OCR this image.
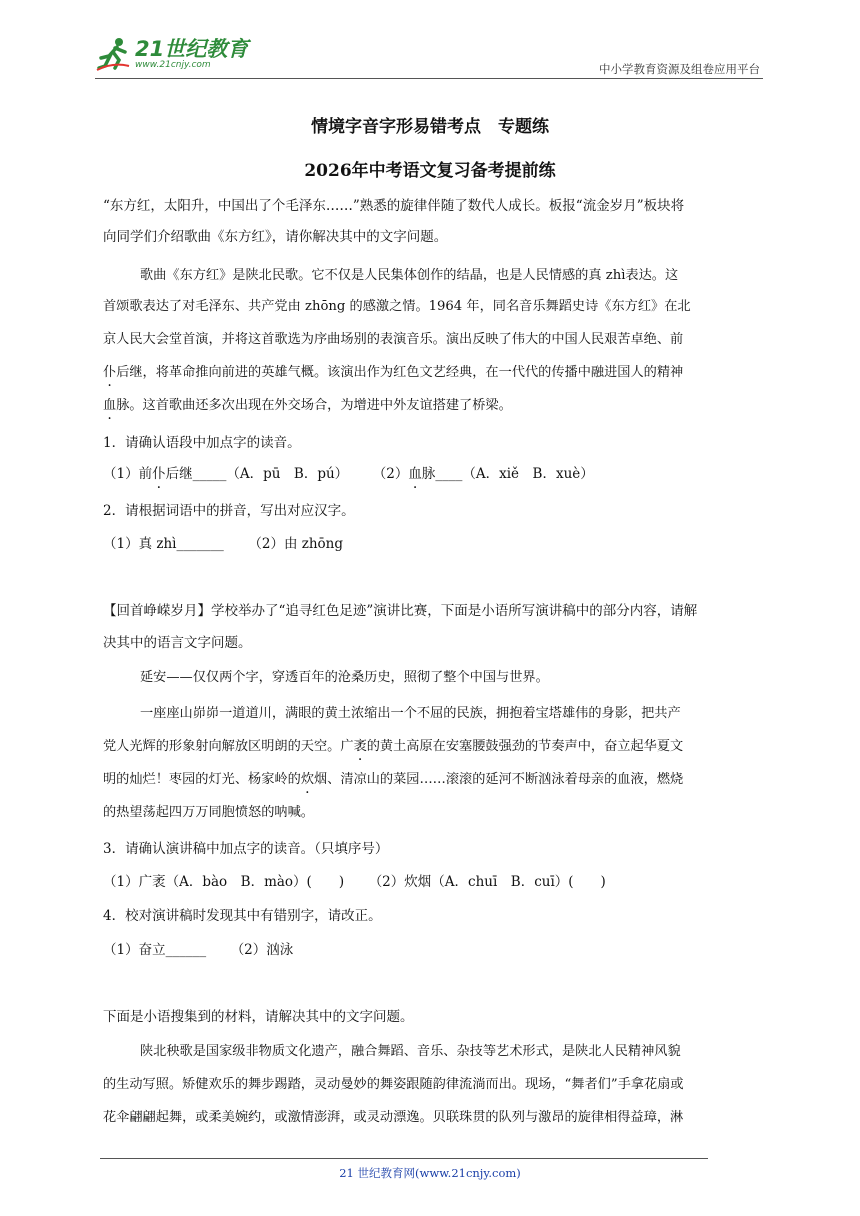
21世纪教育
www.21cnjy.com	中小学教育资源及组卷应用平台
情境字音字形易错考点　专题练
2026年中考语文复习备考提前练
“东方红，太阳升，中国出了个毛泽东……”熟悉的旋律伴随了数代人成长。板报“流金岁月”板块将
向同学们介绍歌曲《东方红》，请你解决其中的文字问题。
歌曲《东方红》是陕北民歌。它不仅是人民集体创作的结晶，也是人民情感的真 zhì表达。这
首颂歌表达了对毛泽东、共产党由 zhōng 的感激之情。1964 年，同名音乐舞蹈史诗《东方红》在北
京人民大会堂首演，并将这首歌选为序曲场别的表演音乐。演出反映了伟大的中国人民艰苦卓绝、前
仆后继，将革命推向前进的英雄气概。该演出作为红色文艺经典，在一代代的传播中融进国人的精神
血脉。这首歌曲还多次出现在外交场合，为增进中外友谊搭建了桥梁。
1．请确认语段中加点字的读音。
（1）前仆后继_____（A．pū　B．pú） （2）血脉____（A．xiě　B．xuè）
2．请根据词语中的拼音，写出对应汉字。
（1）真 zhì_______ （2）由 zhōng
【回首峥嵘岁月】学校举办了“追寻红色足迹”演讲比赛，下面是小语所写演讲稿中的部分内容，请解
决其中的语言文字问题。
延安——仅仅两个字，穿透百年的沧桑历史，照彻了整个中国与世界。
一座座山峁峁一道道川，满眼的黄土浓缩出一个不屈的民族，拥抱着宝塔雄伟的身影，把共产
党人光辉的形象射向解放区明朗的天空。广袤的黄土高原在安塞腰鼓强劲的节奏声中，奋立起华夏文
明的灿烂！枣园的灯光、杨家岭的炊烟、清凉山的菜园……滚滚的延河不断汹泳着母亲的血液，燃烧
的热望荡起四万万同胞愤怒的呐喊。
3．请确认演讲稿中加点字的读音。（只填序号）
（1）广袤（A．bào　B．mào）(　　) （2）炊烟（A．chuī　B．cuī）(　　)
4．校对演讲稿时发现其中有错别字，请改正。
（1）奋立______ （2）汹泳
下面是小语搜集到的材料，请解决其中的文字问题。
陕北秧歌是国家级非物质文化遗产，融合舞蹈、音乐、杂技等艺术形式，是陕北人民精神风貌
的生动写照。矫健欢乐的舞步踢踏，灵动曼妙的舞姿跟随韵律流淌而出。现场，“舞者们”手拿花扇或
花伞翩翩起舞，或柔美婉约，或激情澎湃，或灵动漂逸。贝联珠贯的队列与激昂的旋律相得益璋，淋
21 世纪教育网(www.21cnjy.com)
